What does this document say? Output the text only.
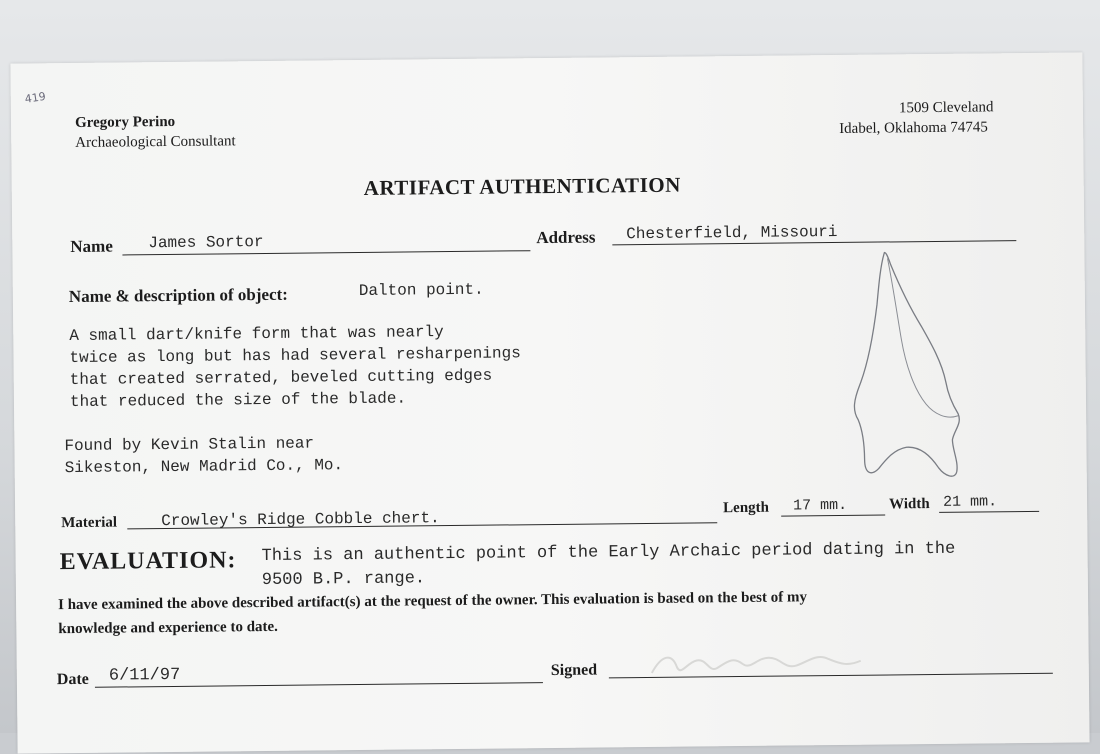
419
Gregory Perino
Archaeological Consultant
1509 Cleveland
Idabel, Oklahoma 74745
ARTIFACT AUTHENTICATION
Name James Sortor	Address Chesterfield, Missouri
Name & description of object:	Dalton point.
A small dart/knife form that was nearly
twice as long but has had several resharpenings
that created serrated, beveled cutting edges
that reduced the size of the blade.
Found by Kevin Stalin near
Sikeston, New Madrid Co., Mo.
Material	Crowley's Ridge Cobble chert.
Length 17 mm.	Width 21 mm.
EVALUATION: This is an authentic point of the Early Archaic period dating in the
9500 B.P. range.
I have examined the above described artifact(s) at the request of the owner. This evaluation is based on the best of my
knowledge and experience to date.
Date 6/11/97	Signed
